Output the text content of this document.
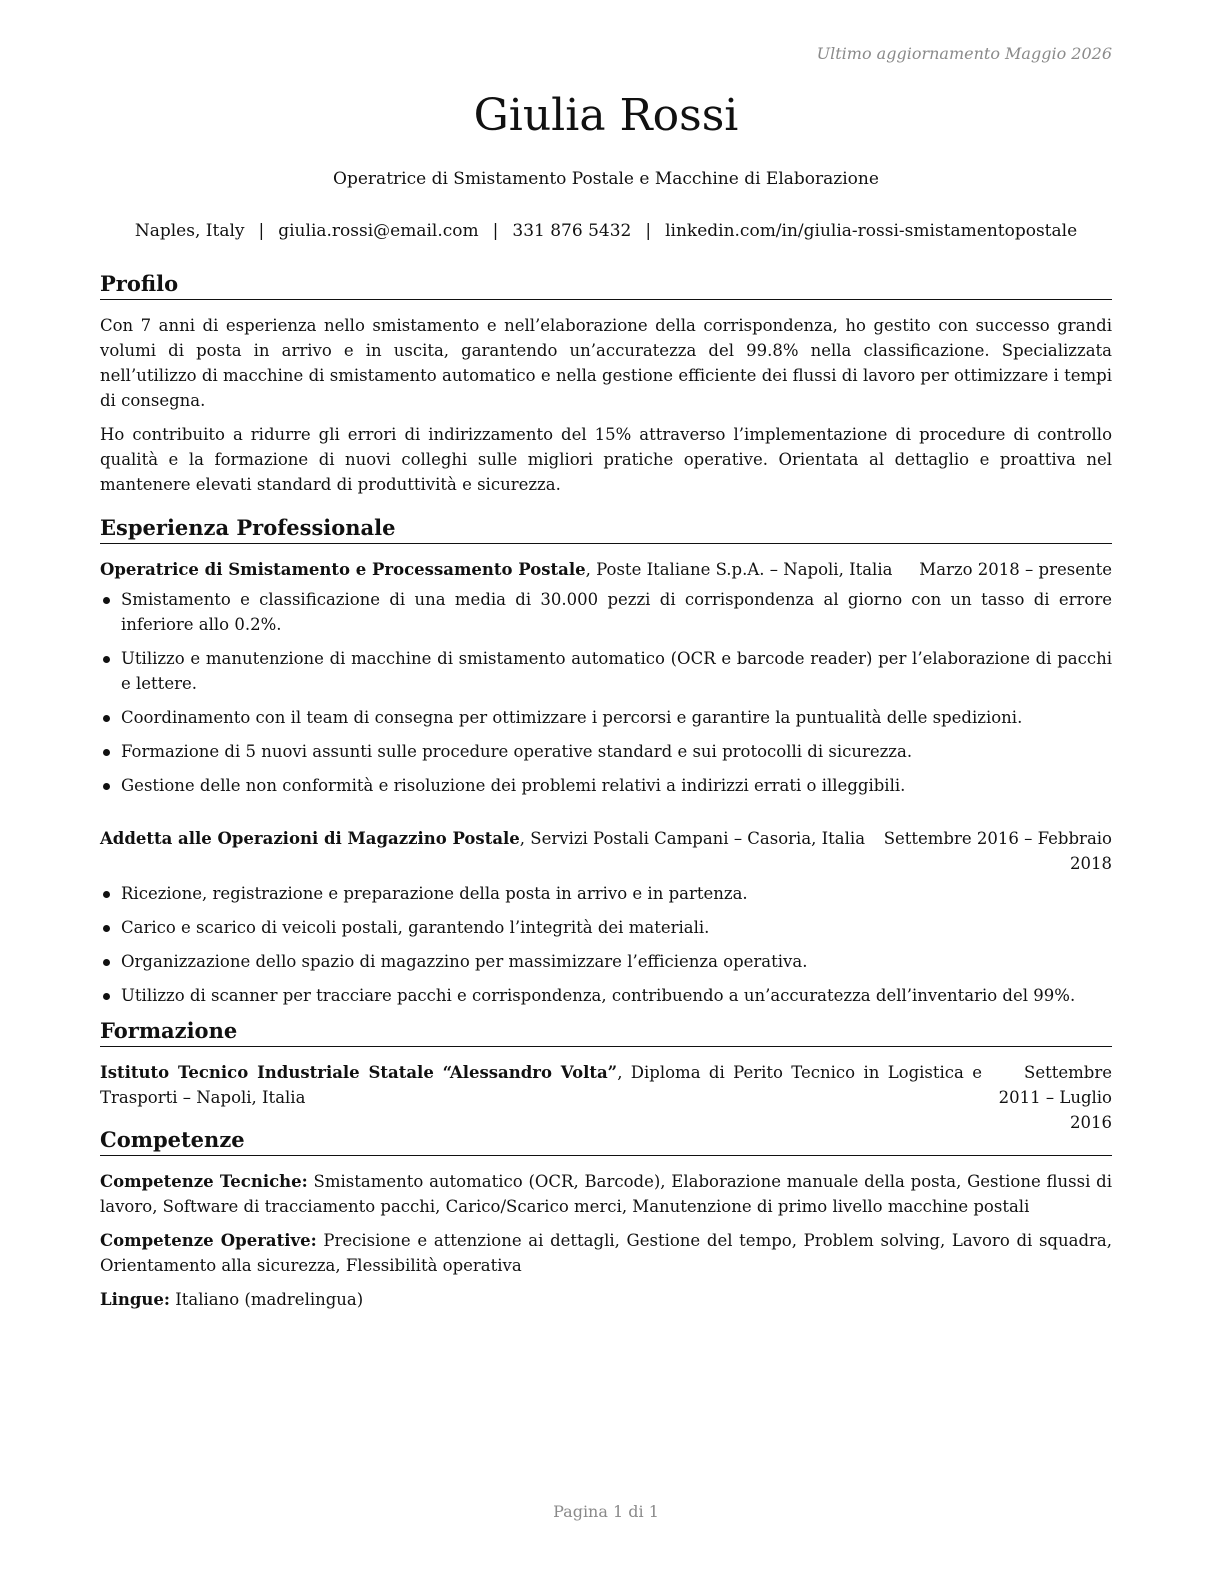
Ultimo aggiornamento Maggio 2026
Giulia Rossi
Operatrice di Smistamento Postale e Macchine di Elaborazione
Naples, Italy | giulia.rossi@email.com | 331 876 5432 | linkedin.com/in/giulia-rossi-smistamentopostale
Profilo

Con 7 anni di esperienza nello smistamento e nell’elaborazione della corrispondenza, ho gestito con successo grandi volumi di posta in arrivo e in uscita, garantendo un’accuratezza del 99.8% nella classificazione. Specializzata nell’utilizzo di macchine di smistamento automatico e nella gestione efficiente dei flussi di lavoro per ottimizzare i tempi di consegna.

Ho contribuito a ridurre gli errori di indirizzamento del 15% attraverso l’implementazione di procedure di controllo qualità e la formazione di nuovi colleghi sulle migliori pratiche operative. Orientata al dettaglio e proattiva nel mantenere elevati standard di produttività e sicurezza.

Esperienza Professionale
Operatrice di Smistamento e Processamento Postale, Poste Italiane S.p.A. – Napoli, Italia	Marzo 2018 – presente
Smistamento e classificazione di una media di 30.000 pezzi di corrispondenza al giorno con un tasso di errore inferiore allo 0.2%.
Utilizzo e manutenzione di macchine di smistamento automatico (OCR e barcode reader) per l’elaborazione di pacchi e lettere.
Coordinamento con il team di consegna per ottimizzare i percorsi e garantire la puntualità delle spedizioni.
Formazione di 5 nuovi assunti sulle procedure operative standard e sui protocolli di sicurezza.
Gestione delle non conformità e risoluzione dei problemi relativi a indirizzi errati o illeggibili.
Addetta alle Operazioni di Magazzino Postale, Servizi Postali Campani – Casoria, Italia	Settembre 2016 – Febbraio 2018
Ricezione, registrazione e preparazione della posta in arrivo e in partenza.
Carico e scarico di veicoli postali, garantendo l’integrità dei materiali.
Organizzazione dello spazio di magazzino per massimizzare l’efficienza operativa.
Utilizzo di scanner per tracciare pacchi e corrispondenza, contribuendo a un’accuratezza dell’inventario del 99%.
Formazione
Istituto Tecnico Industriale Statale “Alessandro Volta”, Diploma di Perito Tecnico in Logistica e Trasporti – Napoli, Italia
Settembre 2011 – Luglio 2016
Competenze

Competenze Tecniche: Smistamento automatico (OCR, Barcode), Elaborazione manuale della posta, Gestione flussi di lavoro, Software di tracciamento pacchi, Carico/Scarico merci, Manutenzione di primo livello macchine postali

Competenze Operative: Precisione e attenzione ai dettagli, Gestione del tempo, Problem solving, Lavoro di squadra, Orientamento alla sicurezza, Flessibilità operativa

Lingue: Italiano (madrelingua)

Pagina 1 di 1
